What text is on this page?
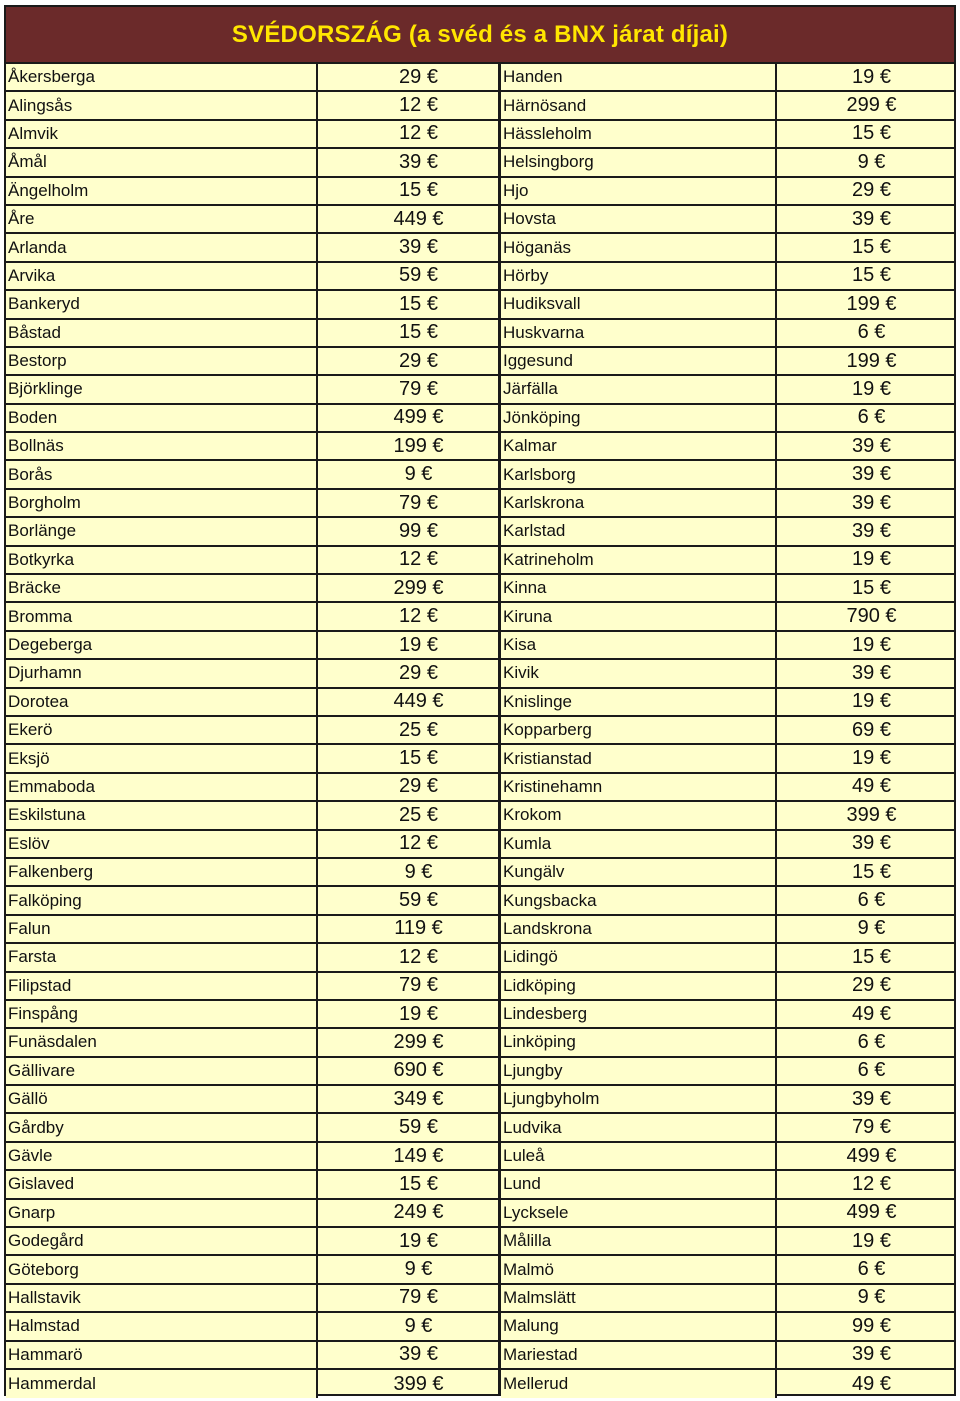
SVÉDORSZÁG (a svéd és a BNX járat díjai)
Åkersberga	29 €
Alingsås	12 €
Almvik	12 €
Åmål	39 €
Ängelholm	15 €
Åre	449 €
Arlanda	39 €
Arvika	59 €
Bankeryd	15 €
Båstad	15 €
Bestorp	29 €
Björklinge	79 €
Boden	499 €
Bollnäs	199 €
Borås	9 €
Borgholm	79 €
Borlänge	99 €
Botkyrka	12 €
Bräcke	299 €
Bromma	12 €
Degeberga	19 €
Djurhamn	29 €
Dorotea	449 €
Ekerö	25 €
Eksjö	15 €
Emmaboda	29 €
Eskilstuna	25 €
Eslöv	12 €
Falkenberg	9 €
Falköping	59 €
Falun	119 €
Farsta	12 €
Filipstad	79 €
Finspång	19 €
Funäsdalen	299 €
Gällivare	690 €
Gällö	349 €
Gårdby	59 €
Gävle	149 €
Gislaved	15 €
Gnarp	249 €
Godegård	19 €
Göteborg	9 €
Hallstavik	79 €
Halmstad	9 €
Hammarö	39 €
Hammerdal	399 €
Handen	19 €
Härnösand	299 €
Hässleholm	15 €
Helsingborg	9 €
Hjo	29 €
Hovsta	39 €
Höganäs	15 €
Hörby	15 €
Hudiksvall	199 €
Huskvarna	6 €
Iggesund	199 €
Järfälla	19 €
Jönköping	6 €
Kalmar	39 €
Karlsborg	39 €
Karlskrona	39 €
Karlstad	39 €
Katrineholm	19 €
Kinna	15 €
Kiruna	790 €
Kisa	19 €
Kivik	39 €
Knislinge	19 €
Kopparberg	69 €
Kristianstad	19 €
Kristinehamn	49 €
Krokom	399 €
Kumla	39 €
Kungälv	15 €
Kungsbacka	6 €
Landskrona	9 €
Lidingö	15 €
Lidköping	29 €
Lindesberg	49 €
Linköping	6 €
Ljungby	6 €
Ljungbyholm	39 €
Ludvika	79 €
Luleå	499 €
Lund	12 €
Lycksele	499 €
Målilla	19 €
Malmö	6 €
Malmslätt	9 €
Malung	99 €
Mariestad	39 €
Mellerud	49 €
